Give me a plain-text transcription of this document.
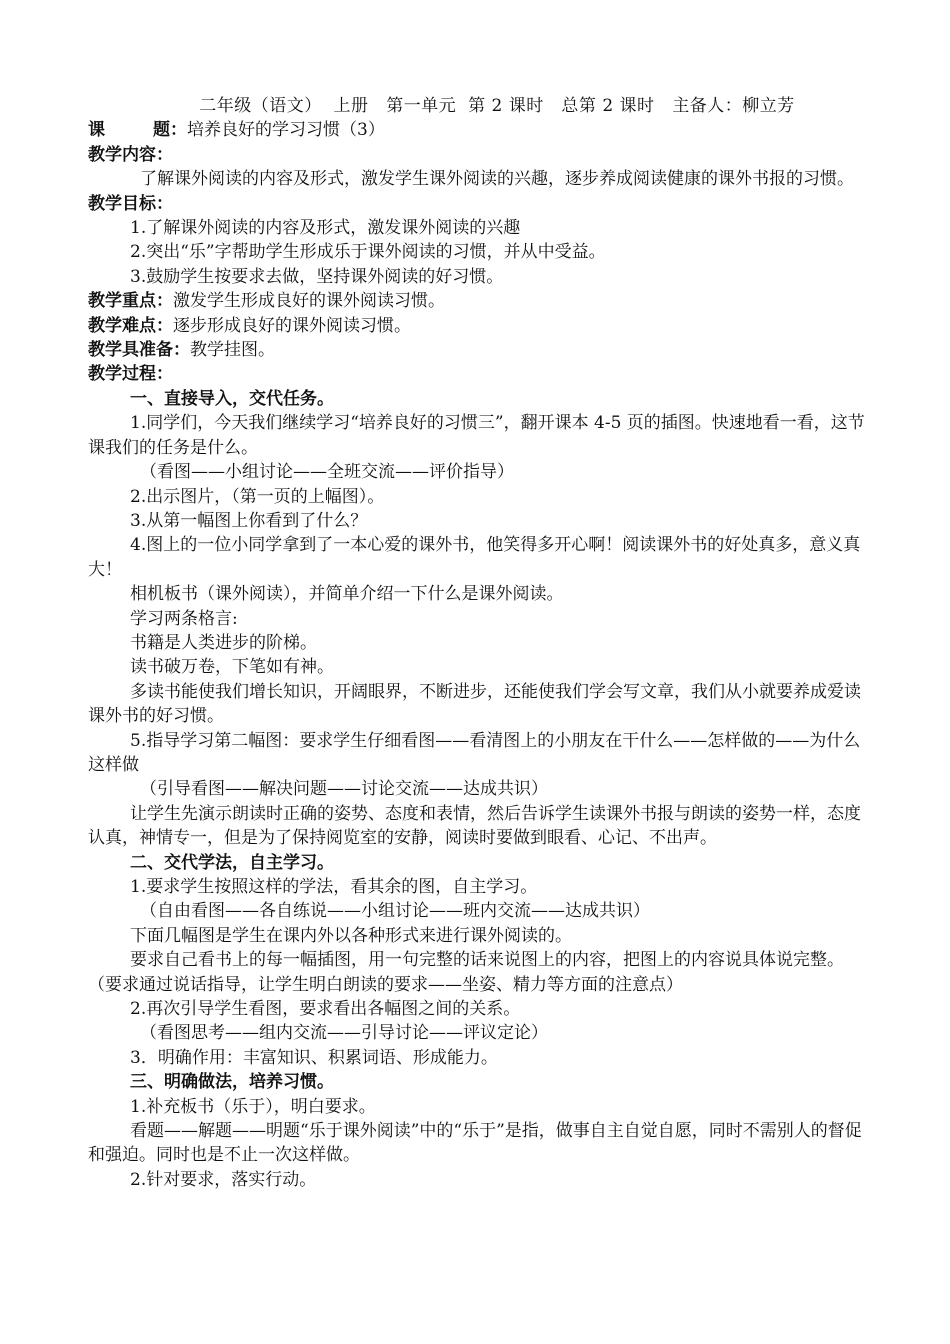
二年级（语文）  上册   第一单元  第 2 课时   总第 2 课时   主备人：柳立芳
课	题：培养良好的学习习惯（3）
教学内容：
了解课外阅读的内容及形式，激发学生课外阅读的兴趣，逐步养成阅读健康的课外书报的习惯。
教学目标：
1.了解课外阅读的内容及形式，激发课外阅读的兴趣
2.突出“乐”字帮助学生形成乐于课外阅读的习惯，并从中受益。
3.鼓励学生按要求去做，坚持课外阅读的好习惯。
教学重点：激发学生形成良好的课外阅读习惯。
教学难点：逐步形成良好的课外阅读习惯。
教学具准备：教学挂图。
教学过程：
一、直接导入，交代任务。
1.同学们，今天我们继续学习“培养良好的习惯三”，翻开课本 4-5 页的插图。快速地看一看，这节课我们的任务是什么。
（看图——小组讨论——全班交流——评价指导）
2.出示图片，（第一页的上幅图）。
3.从第一幅图上你看到了什么？
4.图上的一位小同学拿到了一本心爱的课外书，他笑得多开心啊！阅读课外书的好处真多，意义真大！
相机板书（课外阅读），并简单介绍一下什么是课外阅读。
学习两条格言:
书籍是人类进步的阶梯。
读书破万卷，下笔如有神。
多读书能使我们增长知识，开阔眼界，不断进步，还能使我们学会写文章，我们从小就要养成爱读课外书的好习惯。
5.指导学习第二幅图：要求学生仔细看图——看清图上的小朋友在干什么——怎样做的——为什么这样做
（引导看图——解决问题——讨论交流——达成共识）
让学生先演示朗读时正确的姿势、态度和表情，然后告诉学生读课外书报与朗读的姿势一样，态度认真，神情专一，但是为了保持阅览室的安静，阅读时要做到眼看、心记、不出声。
二、交代学法，自主学习。
1.要求学生按照这样的学法，看其余的图，自主学习。
（自由看图——各自练说——小组讨论——班内交流——达成共识）
下面几幅图是学生在课内外以各种形式来进行课外阅读的。
要求自己看书上的每一幅插图，用一句完整的话来说图上的内容，把图上的内容说具体说完整。（要求通过说话指导，让学生明白朗读的要求——坐姿、精力等方面的注意点）
2.再次引导学生看图，要求看出各幅图之间的关系。
（看图思考——组内交流——引导讨论——评议定论）
3．明确作用：丰富知识、积累词语、形成能力。
三、明确做法，培养习惯。
1.补充板书（乐于），明白要求。
看题——解题——明题“乐于课外阅读”中的“乐于”是指，做事自主自觉自愿，同时不需别人的督促和强迫。同时也是不止一次这样做。
2.针对要求，落实行动。
